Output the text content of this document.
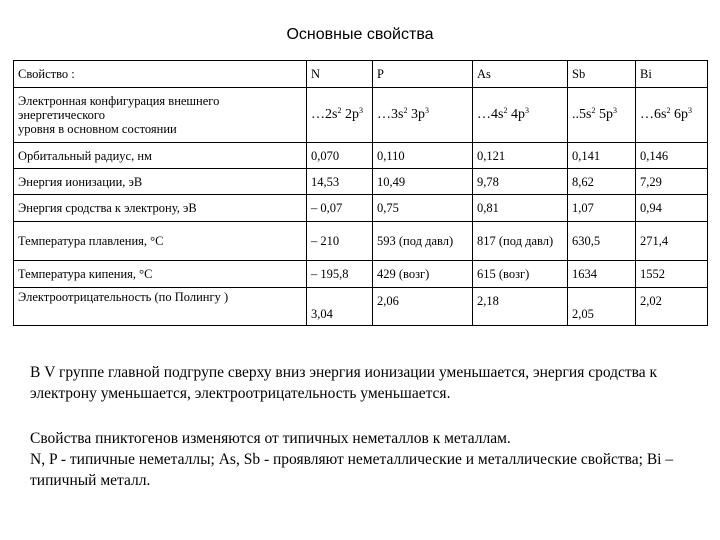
Основные свойства
Свойство :	N	P	As	Sb	Bi

Электронная конфигурация внешнего
энергетического
уровня в основном состоянии	$\dots 2s^2$ $2p^3$	$\dots 3s^2$ $3p^3$	$\dots 4s^2$ $4p^3$	$..5s^2$ $5p^3$	$\dots 6s^2$ $6p^3$
Орбитальный радиус, нм	0,070	0,110	0,121	0,141	0,146
Энергия ионизации, эВ	14,53	10,49	9,78	8,62	7,29
Энергия сродства к электрону, эВ	– 0,07	0,75	0,81	1,07	0,94
Температура плавления, °С	– 210	593 (под давл)	817 (под давл)	630,5	271,4
Температура кипения, °С	– 195,8	429 (возг)	615 (возг)	1634	1552
Электроотрицательность (по Полингу )	3,04	2,06	2,18	2,05	2,02
В V группе главной подгрупе сверху вниз энергия ионизации уменьшается, энергия сродства к электрону уменьшается, электроотрицательность уменьшается.
Свойства пниктогенов изменяются от типичных неметаллов к металлам.
N, P - типичные неметаллы; As, Sb - проявляют неметаллические и металлические свойства; Bi – типичный металл.
